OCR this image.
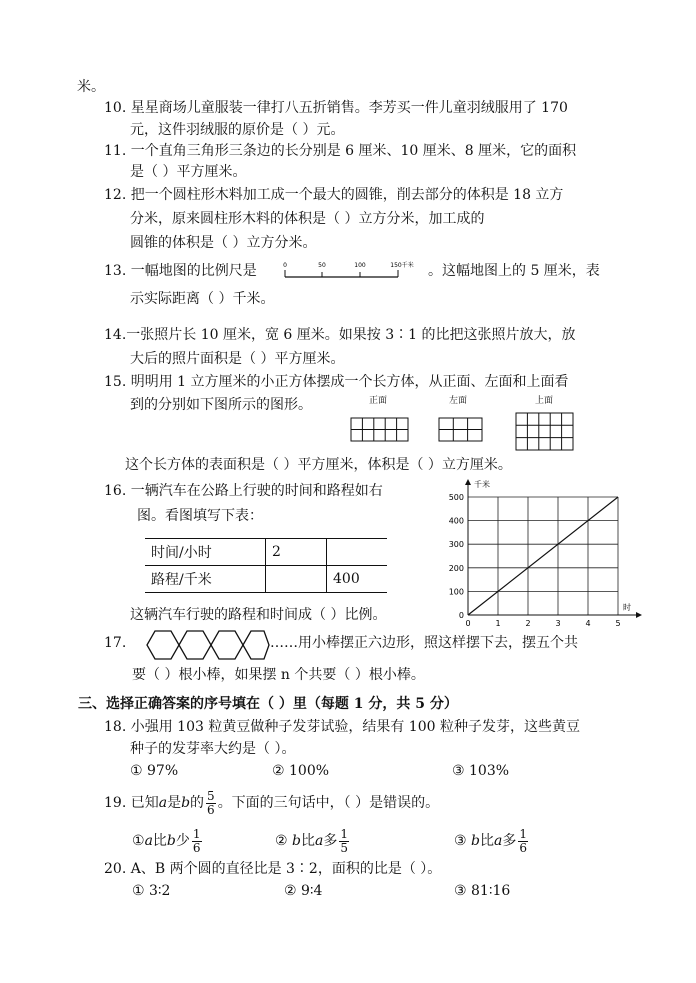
米。
10. 星星商场儿童服装一律打八五折销售。李芳买一件儿童羽绒服用了 170
元，这件羽绒服的原价是（ ）元。
11. 一个直角三角形三条边的长分别是 6 厘米、10 厘米、8 厘米，它的面积
是（ ）平方厘米。
12. 把一个圆柱形木料加工成一个最大的圆锥，削去部分的体积是 18 立方
分米，原来圆柱形木料的体积是（ ）立方分米，加工成的
圆锥的体积是（ ）立方分米。
13. 一幅地图的比例尺是	0	50	100	150千米 。这幅地图上的 5 厘米，表
示实际距离（ ）千米。
14.一张照片长 10 厘米，宽 6 厘米。如果按 3∶1 的比把这张照片放大，放
大后的照片面积是（ ）平方厘米。
15. 明明用 1 立方厘米的小正方体摆成一个长方体，从正面、左面和上面看
到的分别如下图所示的图形。	正面	左面	上面
这个长方体的表面积是（ ）平方厘米，体积是（ ）立方厘米。
16. 一辆汽车在公路上行驶的时间和路程如右
图。看图填写下表：
时间/小时	2	
路程/千米		400
这辆汽车行驶的路程和时间成（ ）比例。
0	1	2	3	4	5
0
100
200
300
400
500
千米
时
17.	……用小棒摆正六边形，照这样摆下去，摆五个共
要（ ）根小棒，如果摆 n 个共要（ ）根小棒。
三、选择正确答案的序号填在（ ）里（每题 1 分，共 5 分）
18. 小强用 103 粒黄豆做种子发芽试验，结果有 100 粒种子发芽，这些黄豆
种子的发芽率大约是（ ）。
① 97%	② 100%	③ 103%
19. 已知a是b的 $\frac{5}{6}$ 。下面的三句话中，（ ）是错误的。
①a比b少 $\frac{1}{6}$	② b比a多 $\frac{1}{5}$	③ b比a多 $\frac{1}{6}$
20. A、B 两个圆的直径比是 3∶2，面积的比是（ ）。
① 3∶2	② 9∶4	③ 81∶16
